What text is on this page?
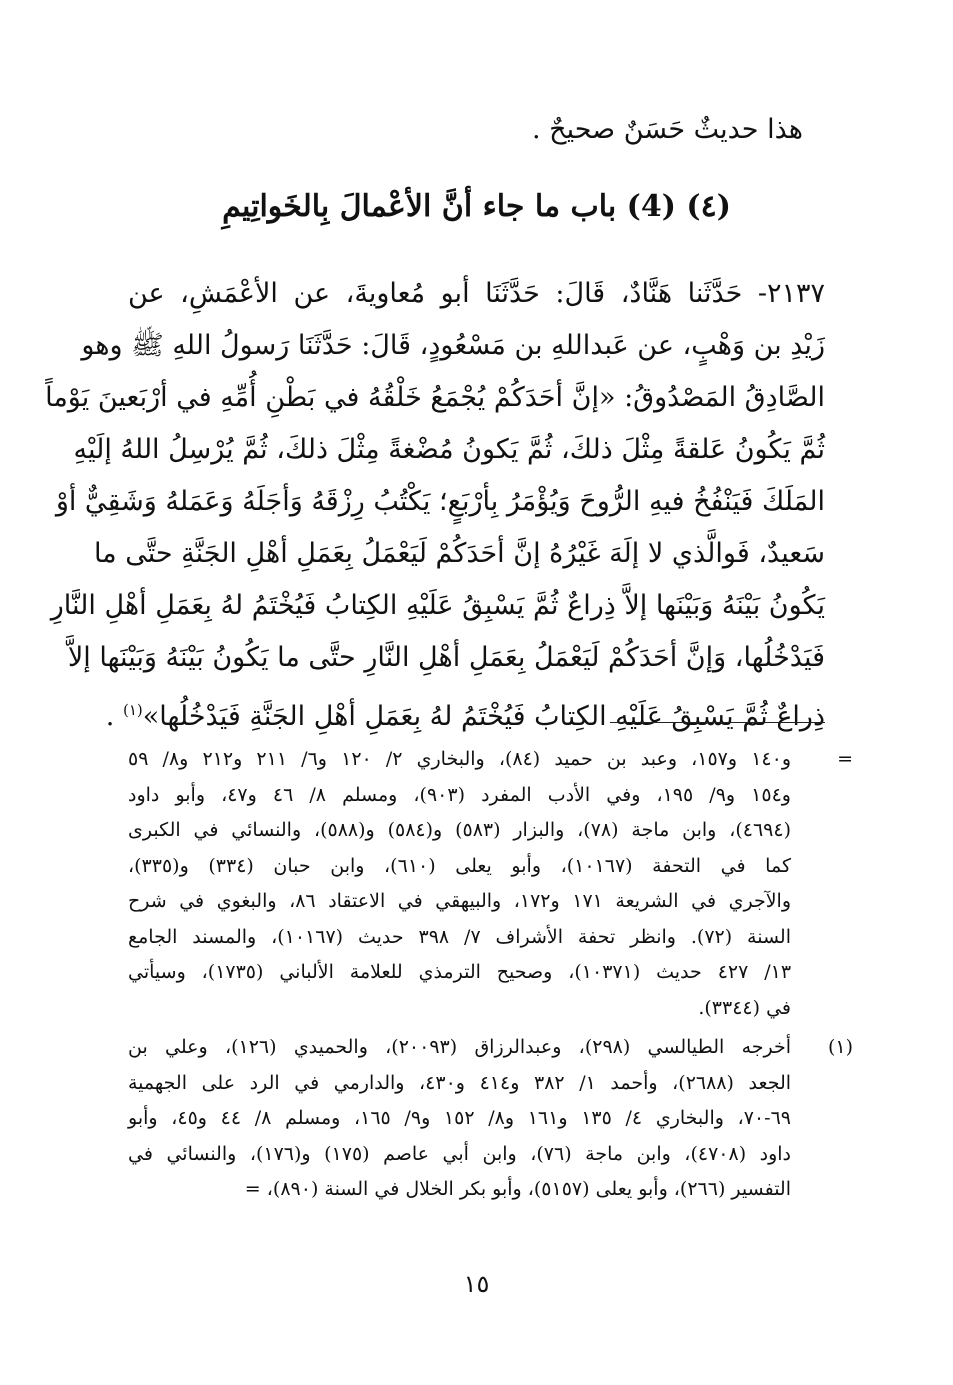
هذا حديثٌ حَسَنٌ صحيحٌ .
(٤) (4) باب ما جاء أنَّ الأعْمالَ بِالخَواتِيمِ
٢١٣٧- حَدَّثَنا هَنَّادٌ، قَالَ: حَدَّثَنَا أبو مُعاويةَ، عن الأعْمَشِ، عن
زَيْدِ بن وَهْبٍ، عن عَبداللهِ بن مَسْعُودٍ، قَالَ: حَدَّثَنَا رَسولُ اللهِ ﷺ وهو
الصَّادِقُ المَصْدُوقُ: «إنَّ أحَدَكُمْ يُجْمَعُ خَلْقُهُ في بَطْنِ أُمِّهِ في أرْبَعينَ يَوْماً
ثُمَّ يَكُونُ عَلقةً مِثْلَ ذلكَ، ثُمَّ يَكونُ مُضْغةً مِثْلَ ذلكَ، ثُمَّ يُرْسِلُ اللهُ إلَيْهِ
المَلَكَ فَيَنْفُخُ فيهِ الرُّوحَ وَيُؤْمَرُ بِأرْبَعٍ؛ يَكْتُبُ رِزْقَهُ وَأجَلَهُ وَعَمَلهُ وَشَقِيٌّ أوْ
سَعيدٌ، فَوالَّذي لا إلَهَ غَيْرُهُ إنَّ أحَدَكُمْ لَيَعْمَلُ بِعَمَلِ أهْلِ الجَنَّةِ حتَّى ما
يَكُونُ بَيْنَهُ وَبَيْنَها إلاَّ ذِراعٌ ثُمَّ يَسْبِقُ عَلَيْهِ الكِتابُ فَيُخْتَمُ لهُ بِعَمَلِ أهْلِ النَّارِ
فَيَدْخُلُها، وَإنَّ أحَدَكُمْ لَيَعْمَلُ بِعَمَلِ أهْلِ النَّارِ حتَّى ما يَكُونُ بَيْنَهُ وَبَيْنَها إلاَّ
ذِراعٌ ثُمَّ يَسْبِقُ عَلَيْهِ الكِتابُ فَيُخْتَمُ لهُ بِعَمَلِ أهْلِ الجَنَّةِ فَيَدْخُلُها»$^{(١)}$ .
=
و١٤٠ و١٥٧، وعبد بن حميد (٨٤)، والبخاري ٢/ ١٢٠ و٦/ ٢١١ و٢١٢ و٨/ ٥٩
و١٥٤ و٩/ ١٩٥، وفي الأدب المفرد (٩٠٣)، ومسلم ٨/ ٤٦ و٤٧، وأبو داود
(٤٦٩٤)، وابن ماجة (٧٨)، والبزار (٥٨٣) و(٥٨٤) و(٥٨٨)، والنسائي في الكبرى
كما في التحفة (١٠١٦٧)، وأبو يعلى (٦١٠)، وابن حبان (٣٣٤) و(٣٣٥)،
والآجري في الشريعة ١٧١ و١٧٢، والبيهقي في الاعتقاد ٨٦، والبغوي في شرح
السنة (٧٢). وانظر تحفة الأشراف ٧/ ٣٩٨ حديث (١٠١٦٧)، والمسند الجامع
١٣/ ٤٢٧ حديث (١٠٣٧١)، وصحيح الترمذي للعلامة الألباني (١٧٣٥)، وسيأتي
في (٣٣٤٤).
(١)
أخرجه الطيالسي (٢٩٨)، وعبدالرزاق (٢٠٠٩٣)، والحميدي (١٢٦)، وعلي بن
الجعد (٢٦٨٨)، وأحمد ١/ ٣٨٢ و٤١٤ و٤٣٠، والدارمي في الرد على الجهمية
٦٩-٧٠، والبخاري ٤/ ١٣٥ و١٦١ و٨/ ١٥٢ و٩/ ١٦٥، ومسلم ٨/ ٤٤ و٤٥، وأبو
داود (٤٧٠٨)، وابن ماجة (٧٦)، وابن أبي عاصم (١٧٥) و(١٧٦)، والنسائي في
التفسير (٢٦٦)، وأبو يعلى (٥١٥٧)، وأبو بكر الخلال في السنة (٨٩٠)، =
١٥
